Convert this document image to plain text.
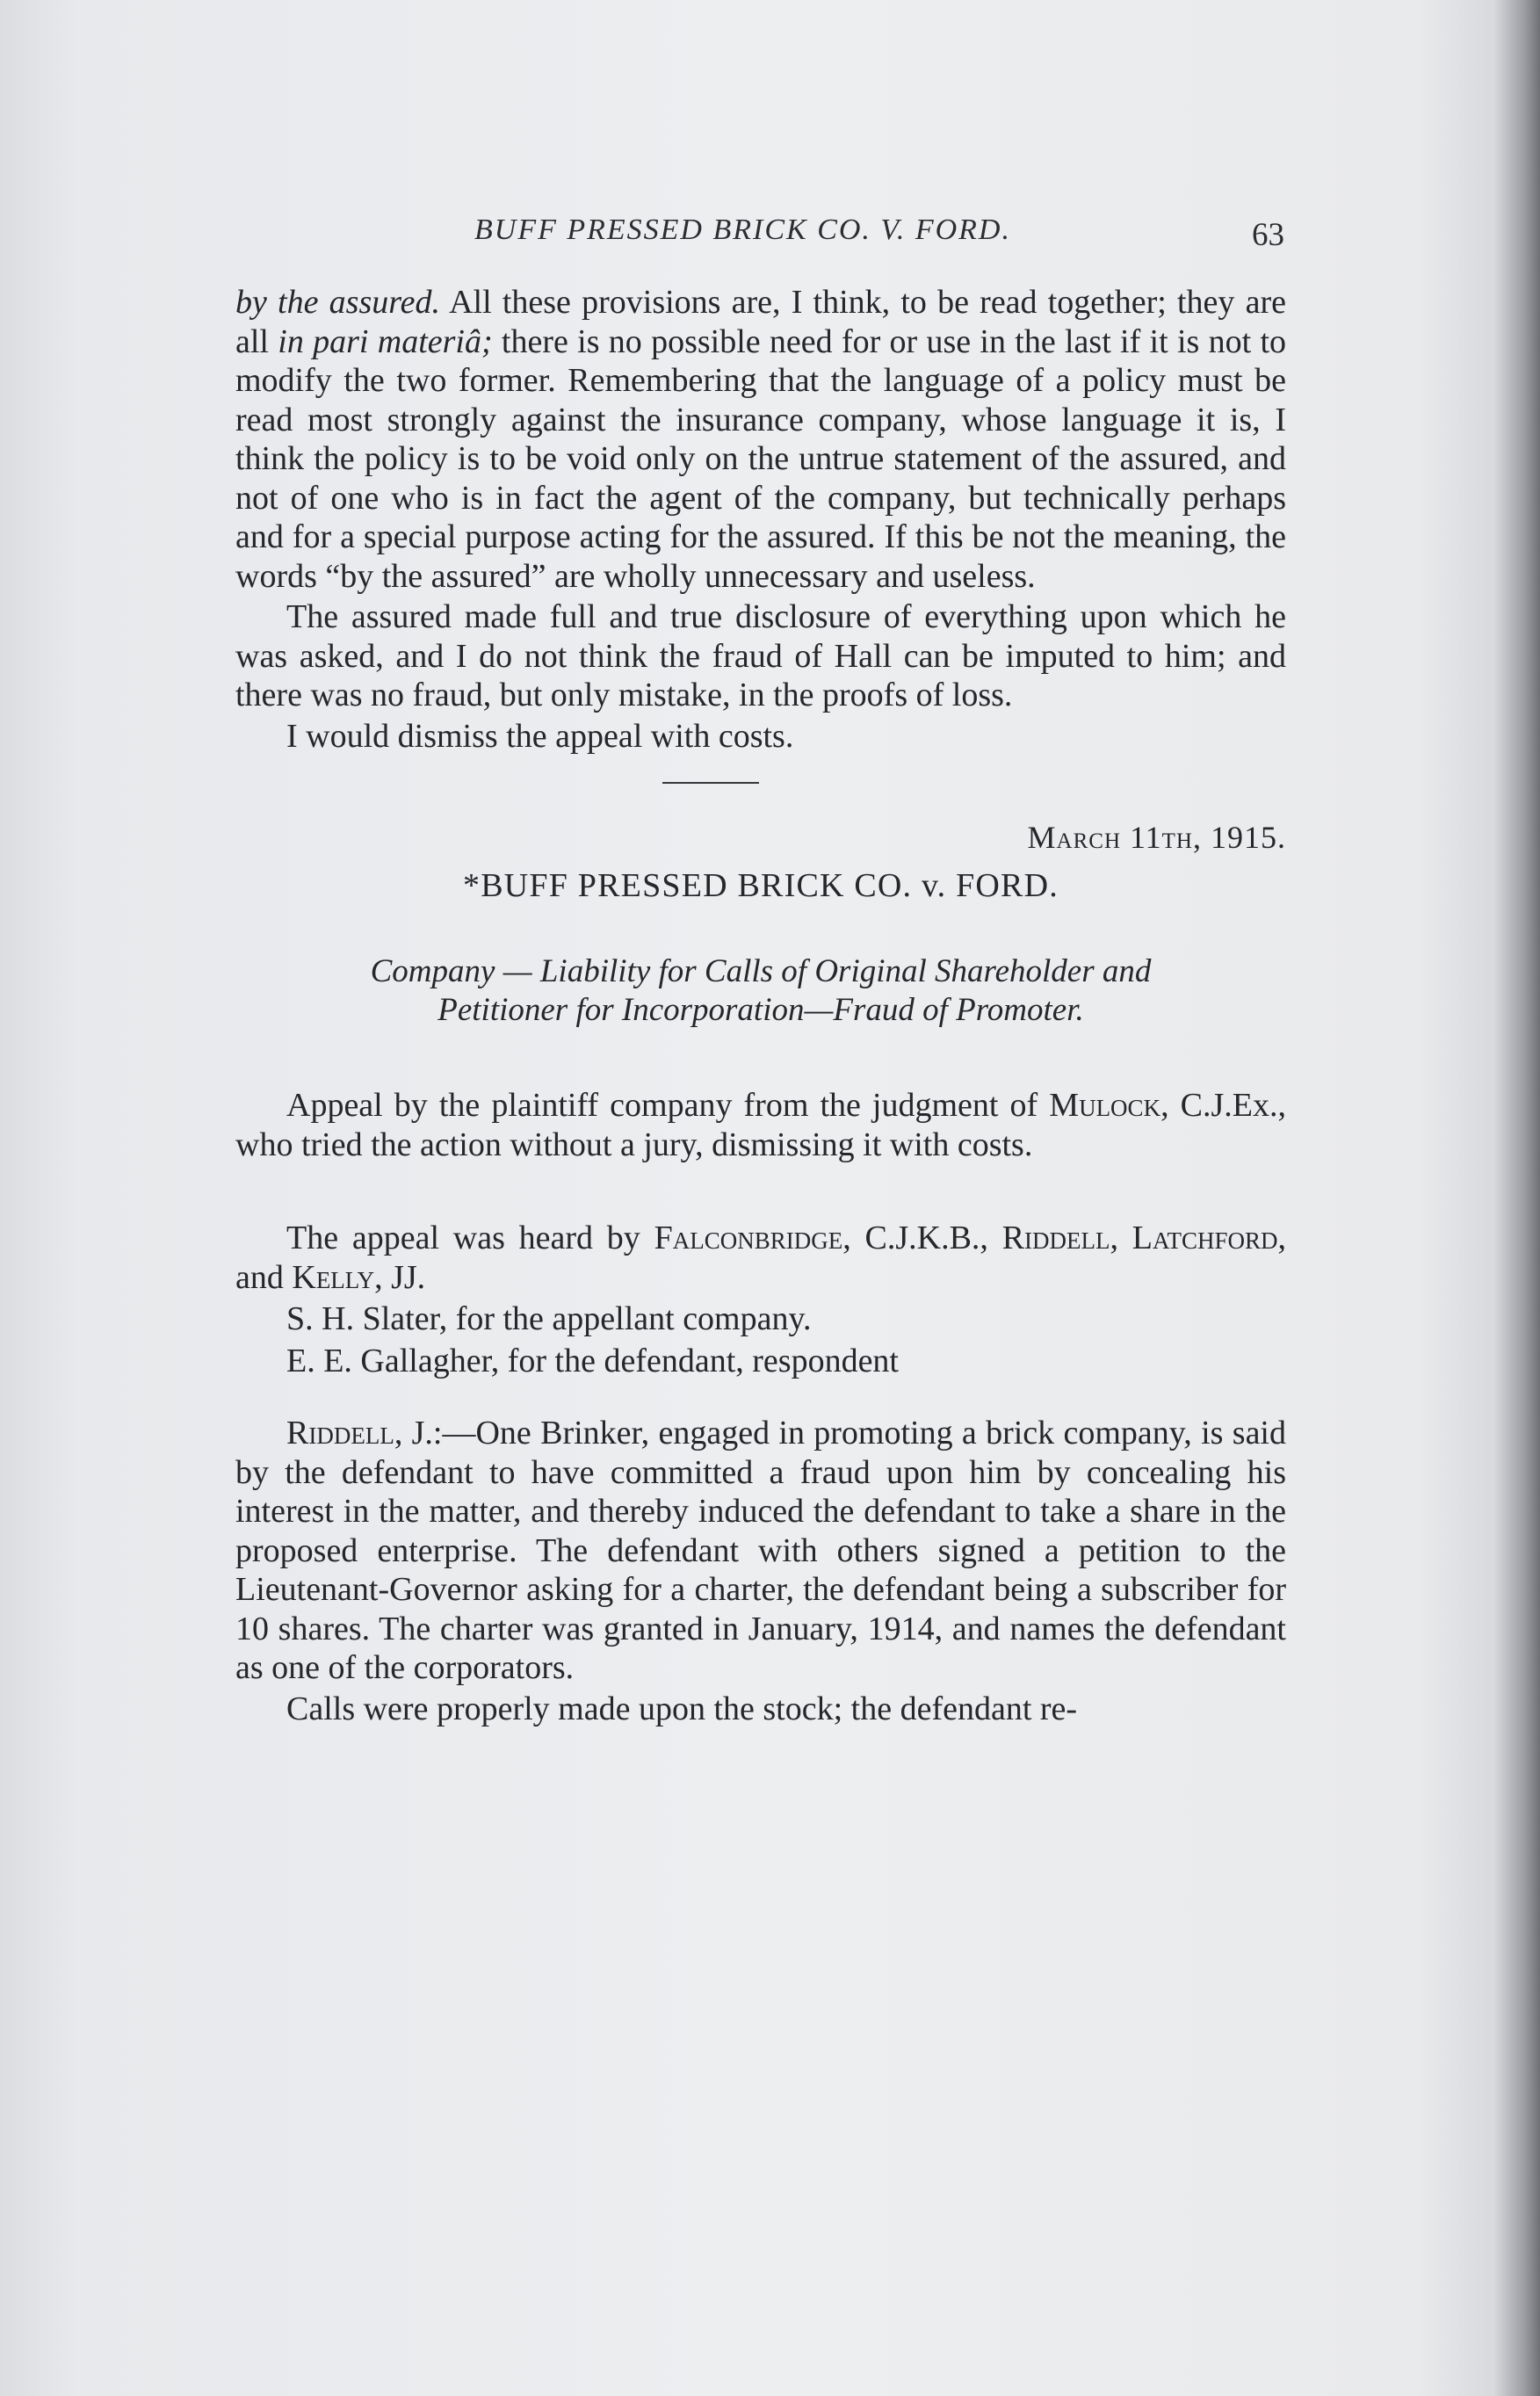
BUFF PRESSED BRICK CO. V. FORD.	63

by the assured. All these provisions are, I think, to be read together; they are all in pari materiâ; there is no possible need for or use in the last if it is not to modify the two former. Remembering that the language of a policy must be read most strongly against the insurance company, whose language it is, I think the policy is to be void only on the untrue statement of the assured, and not of one who is in fact the agent of the company, but technically perhaps and for a special purpose acting for the assured. If this be not the meaning, the words “by the assured” are wholly unnecessary and useless.

The assured made full and true disclosure of everything upon which he was asked, and I do not think the fraud of Hall can be imputed to him; and there was no fraud, but only mistake, in the proofs of loss.

I would dismiss the appeal with costs.

March 11th, 1915.

*BUFF PRESSED BRICK CO. v. FORD.

Company — Liability for Calls of Original Shareholder and
Petitioner for Incorporation—Fraud of Promoter.

Appeal by the plaintiff company from the judgment of Mulock, C.J.Ex., who tried the action without a jury, dismissing it with costs.

The appeal was heard by Falconbridge, C.J.K.B., Riddell, Latchford, and Kelly, JJ.

S. H. Slater, for the appellant company.

E. E. Gallagher, for the defendant, respondent

Riddell, J.:—One Brinker, engaged in promoting a brick company, is said by the defendant to have committed a fraud upon him by concealing his interest in the matter, and thereby induced the defendant to take a share in the proposed enterprise. The defendant with others signed a petition to the Lieutenant-Governor asking for a charter, the defendant being a subscriber for 10 shares. The charter was granted in January, 1914, and names the defendant as one of the corporators.

Calls were properly made upon the stock; the defendant re-
